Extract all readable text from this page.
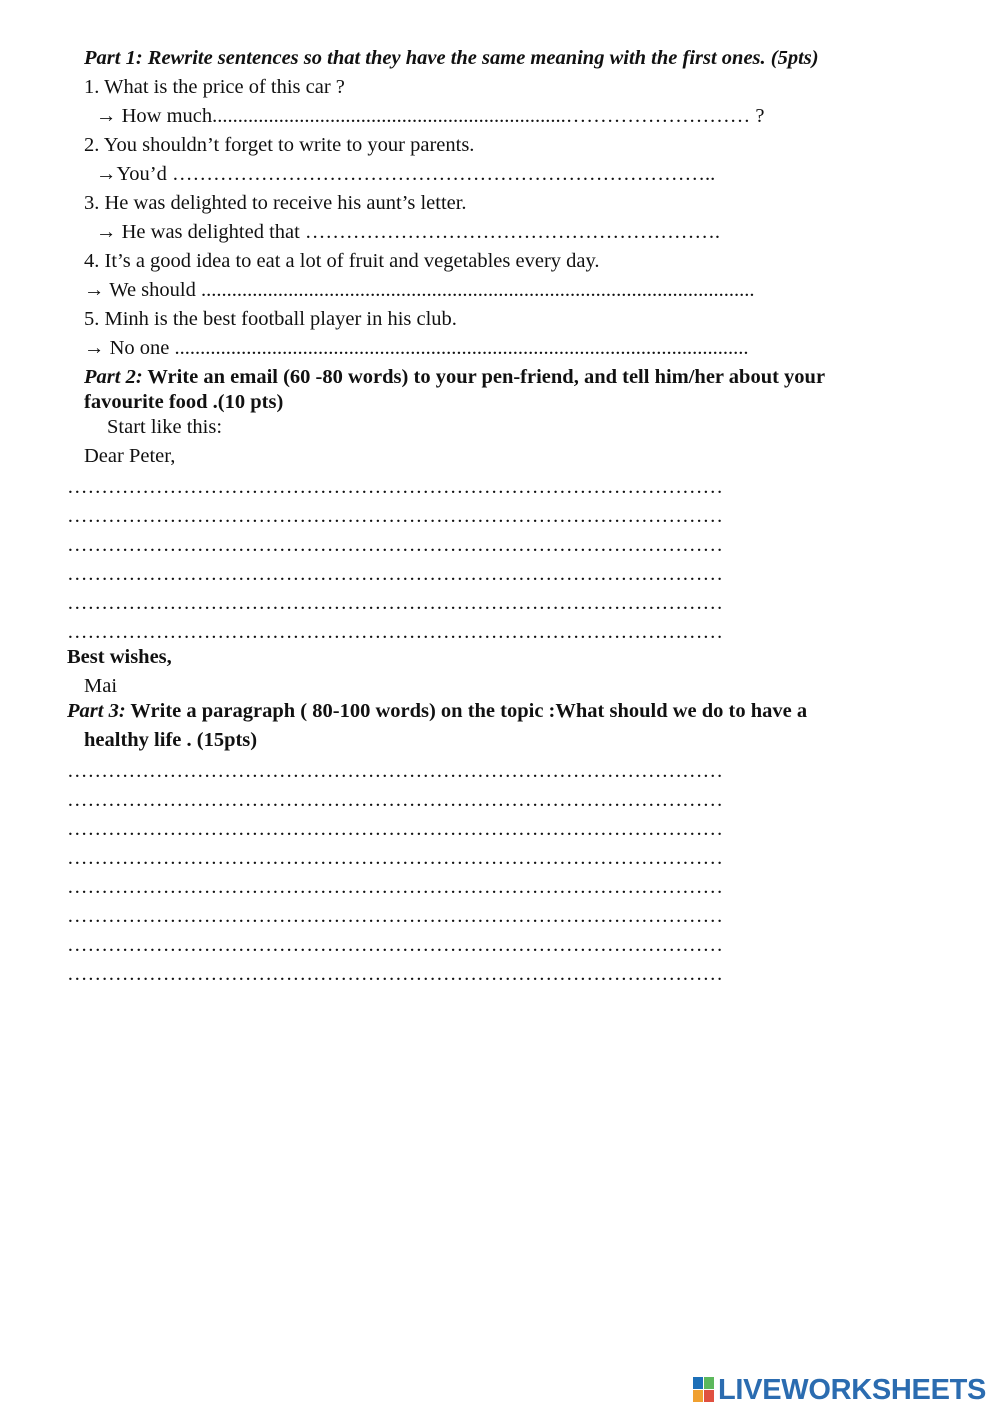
Part 1: Rewrite sentences so that they have the same meaning with the first ones. (5pts)
1. What is the price of this car ?
→ How much.....................................................................……………………… ?
2. You shouldn’t forget to write to your parents.
→You’d ……………………………………………………………………..
3. He was delighted to receive his aunt’s letter.
→ He was delighted that …………………………………………………….
4. It’s a good idea to eat a lot of fruit and vegetables every day.
→ We should ............................................................................................................
5. Minh is the best football player in his club.
→ No one ................................................................................................................
Part 2: Write an email (60 -80 words) to your pen-friend, and tell him/her about your
favourite food .(10 pts)
Start like this:
Dear Peter,
……………………………………………………………………………………
……………………………………………………………………………………
……………………………………………………………………………………
……………………………………………………………………………………
……………………………………………………………………………………
……………………………………………………………………………………
Best wishes,
Mai
Part 3: Write a paragraph ( 80-100 words) on the topic :What should we do to have a
healthy life . (15pts)
……………………………………………………………………………………
……………………………………………………………………………………
……………………………………………………………………………………
……………………………………………………………………………………
……………………………………………………………………………………
……………………………………………………………………………………
……………………………………………………………………………………
……………………………………………………………………………………
LIVEWORKSHEETS
